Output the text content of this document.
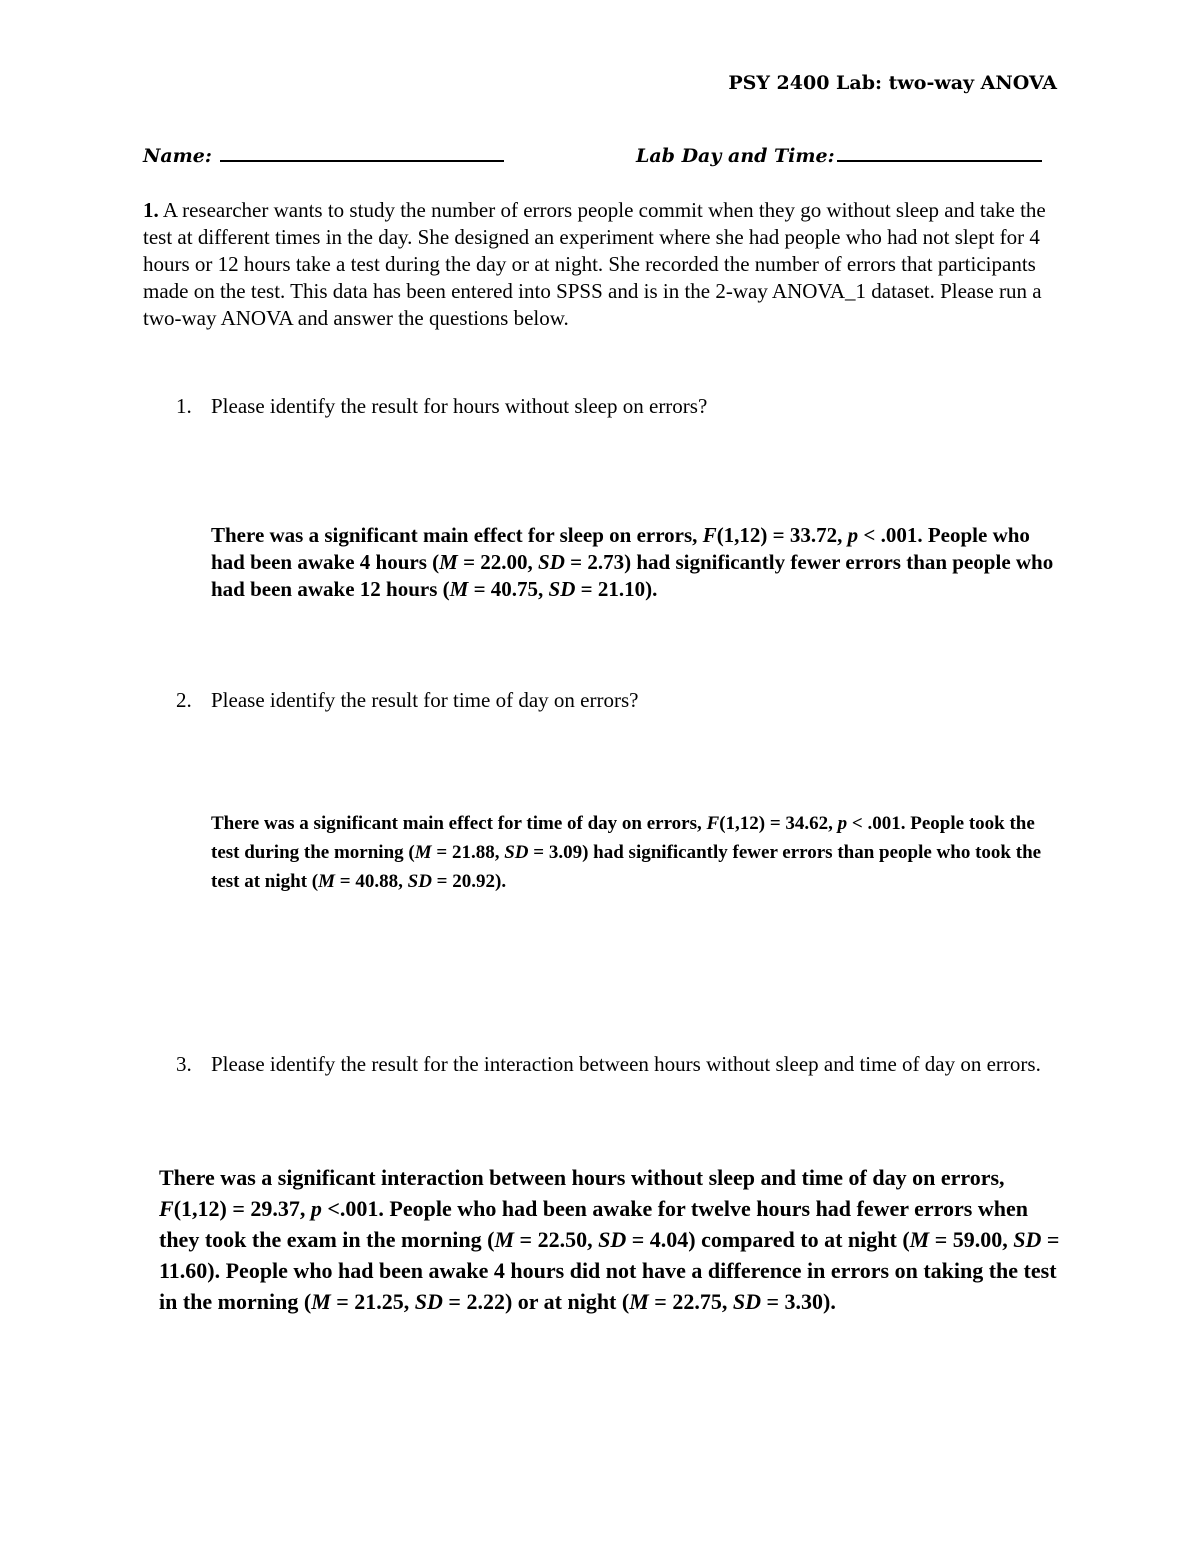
PSY 2400 Lab: two-way ANOVA
Name:	Lab Day and Time:
1. A researcher wants to study the number of errors people commit when they go without sleep and take the test at different times in the day. She designed an experiment where she had people who had not slept for 4 hours or 12 hours take a test during the day or at night. She recorded the number of errors that participants made on the test. This data has been entered into SPSS and is in the 2-way ANOVA_1 dataset. Please run a two-way ANOVA and answer the questions below.
1. Please identify the result for hours without sleep on errors?
There was a significant main effect for sleep on errors, F(1,12) = 33.72, p < .001. People who had been awake 4 hours (M = 22.00, SD = 2.73) had significantly fewer errors than people who had been awake 12 hours (M = 40.75, SD = 21.10).
2. Please identify the result for time of day on errors?
There was a significant main effect for time of day on errors, F(1,12) = 34.62, p < .001. People took the test during the morning (M = 21.88, SD = 3.09) had significantly fewer errors than people who took the test at night (M = 40.88, SD = 20.92).
3. Please identify the result for the interaction between hours without sleep and time of day on errors.
There was a significant interaction between hours without sleep and time of day on errors, F(1,12) = 29.37, p <.001. People who had been awake for twelve hours had fewer errors when they took the exam in the morning (M = 22.50, SD = 4.04) compared to at night (M = 59.00, SD = 11.60). People who had been awake 4 hours did not have a difference in errors on taking the test in the morning (M = 21.25, SD = 2.22) or at night (M = 22.75, SD = 3.30).
